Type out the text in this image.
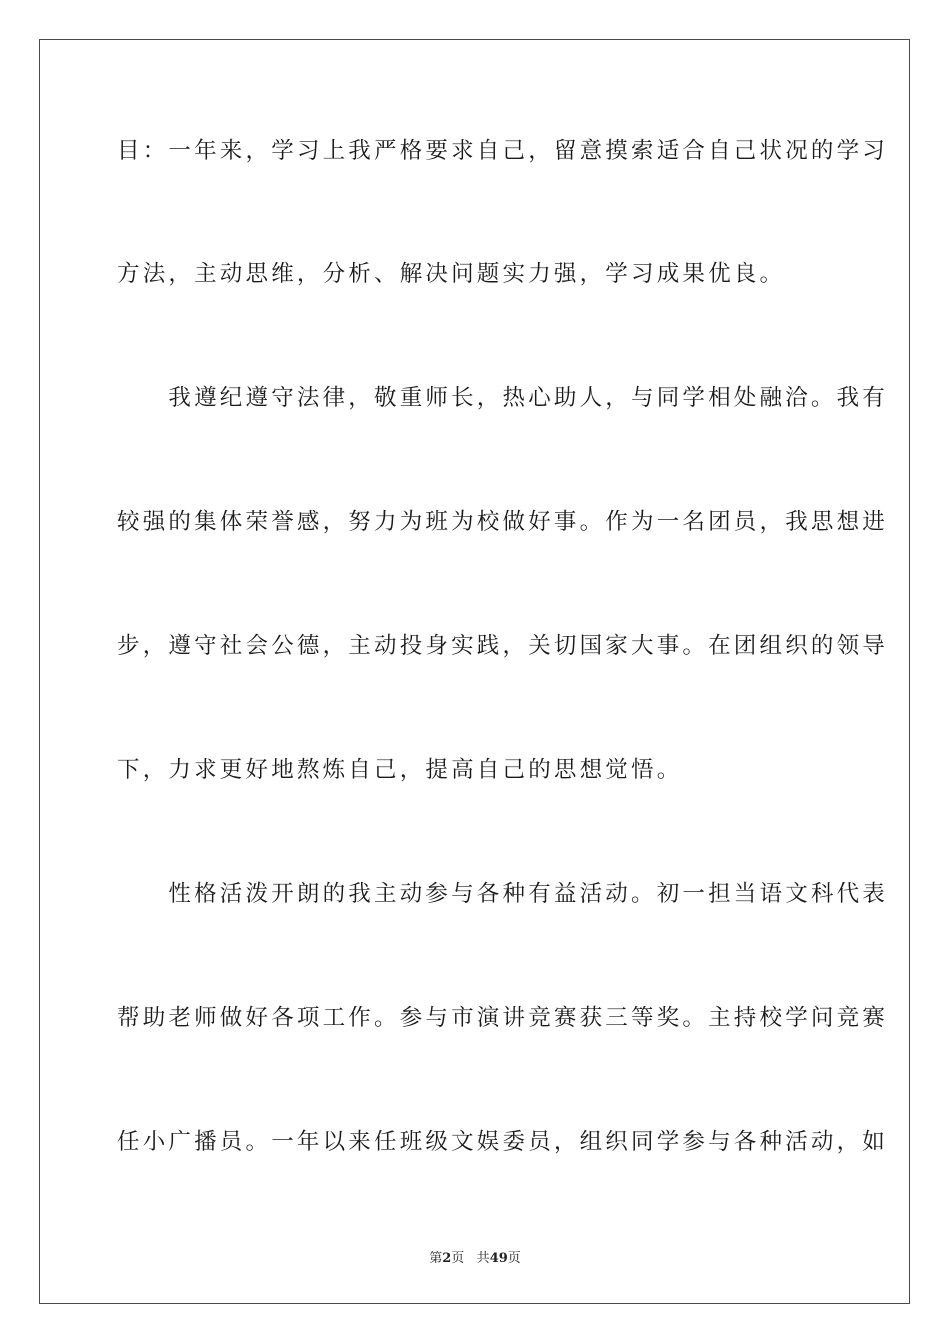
目：一年来，学习上我严格要求自己，留意摸索适合自己状况的学习
方法，主动思维，分析、解决问题实力强，学习成果优良。
　　我遵纪遵守法律，敬重师长，热心助人，与同学相处融洽。我有
较强的集体荣誉感，努力为班为校做好事。作为一名团员，我思想进
步，遵守社会公德，主动投身实践，关切国家大事。在团组织的领导
下，力求更好地熬炼自己，提高自己的思想觉悟。
　　性格活泼开朗的我主动参与各种有益活动。初一担当语文科代表
帮助老师做好各项工作。参与市演讲竞赛获三等奖。主持校学问竞赛
任小广播员。一年以来任班级文娱委员，组织同学参与各种活动，如
第2页 共49页
